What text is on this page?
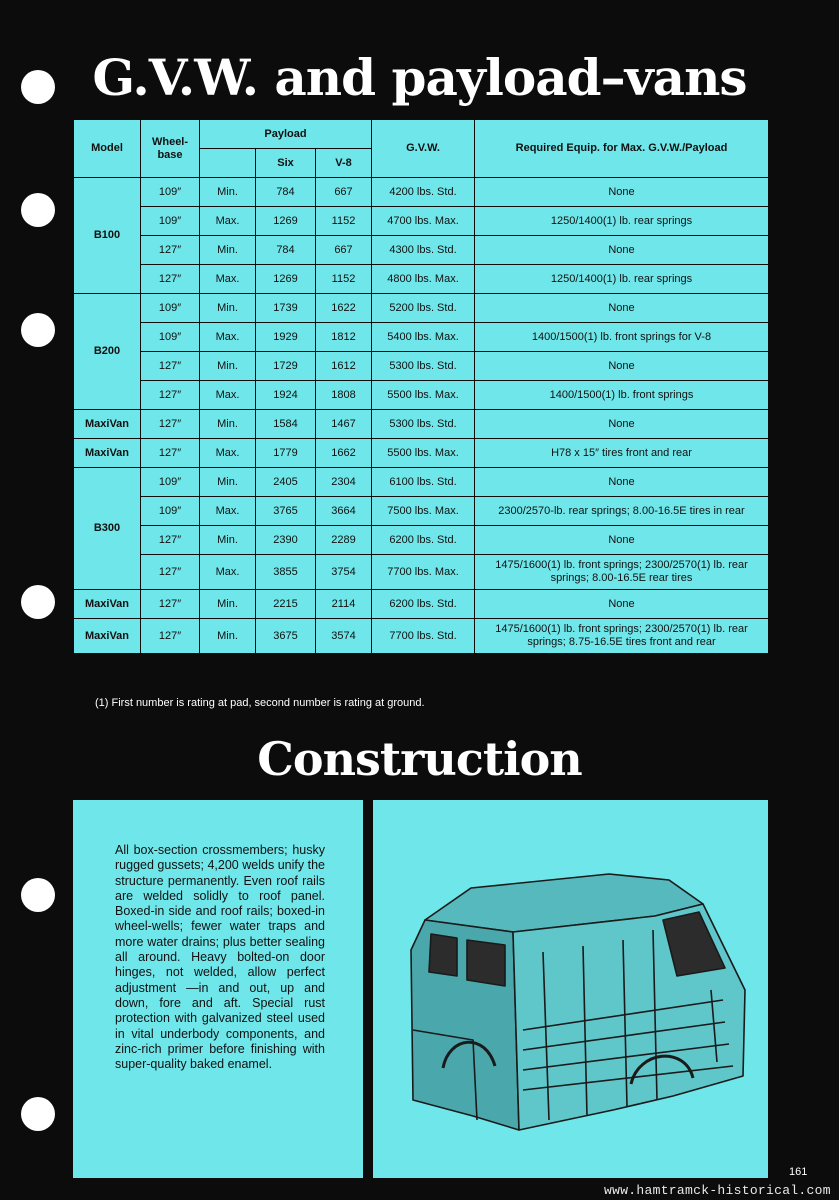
G.V.W. and payload–vans
Model	Wheel-
base	Payload			G.V.W.	Required Equip. for Max. G.V.W./Payload
			Six	V-8		
B100	109″	Min.	784	667	4200 lbs. Std.	None
	109″	Max.	1269	1152	4700 lbs. Max.	1250/1400(1) lb. rear springs
	127″	Min.	784	667	4300 lbs. Std.	None
	127″	Max.	1269	1152	4800 lbs. Max.	1250/1400(1) lb. rear springs
B200	109″	Min.	1739	1622	5200 lbs. Std.	None
	109″	Max.	1929	1812	5400 lbs. Max.	1400/1500(1) lb. front springs for V-8
	127″	Min.	1729	1612	5300 lbs. Std.	None
	127″	Max.	1924	1808	5500 lbs. Max.	1400/1500(1) lb. front springs
MaxiVan	127″	Min.	1584	1467	5300 lbs. Std.	None
MaxiVan	127″	Max.	1779	1662	5500 lbs. Max.	H78 x 15″ tires front and rear
B300	109″	Min.	2405	2304	6100 lbs. Std.	None
	109″	Max.	3765	3664	7500 lbs. Max.	2300/2570-lb. rear springs; 8.00-16.5E tires in rear
	127″	Min.	2390	2289	6200 lbs. Std.	None
	127″	Max.	3855	3754	7700 lbs. Max.	1475/1600(1) lb. front springs; 2300/2570(1) lb. rear springs; 8.00-16.5E rear tires
MaxiVan	127″	Min.	2215	2114	6200 lbs. Std.	None
MaxiVan	127″	Min.	3675	3574	7700 lbs. Std.	1475/1600(1) lb. front springs; 2300/2570(1) lb. rear springs; 8.75-16.5E tires front and rear
(1) First number is rating at pad, second number is rating at ground.
Construction
All box-section crossmembers; husky rugged gussets; 4,200 welds unify the structure permanently. Even roof rails are welded solidly to roof panel. Boxed-in side and roof rails; boxed-in wheel-wells; fewer water traps and more water drains; plus better sealing all around. Heavy bolted-on door hinges, not welded, allow perfect adjustment —in and out, up and down, fore and aft. Special rust protection with galvanized steel used in vital underbody components, and zinc-rich primer before finishing with super-quality baked enamel.
161
www.hamtramck-historical.com
